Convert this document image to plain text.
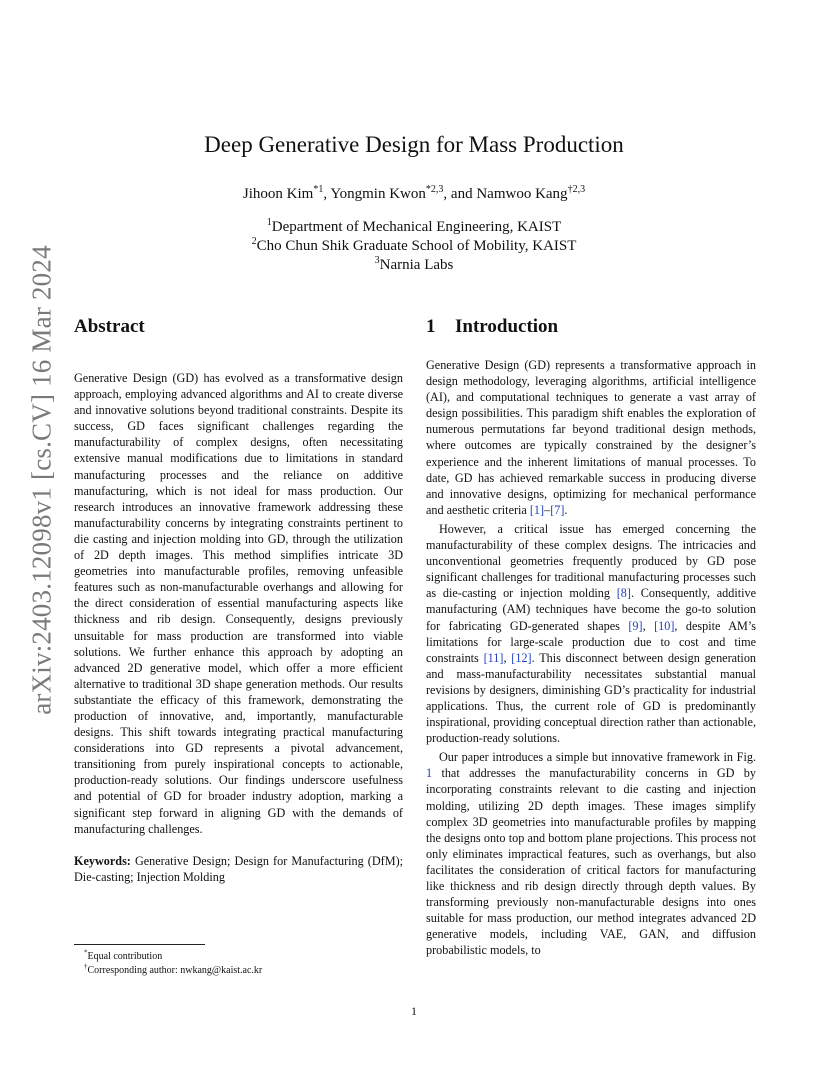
arXiv:2403.12098v1 [cs.CV] 16 Mar 2024
Deep Generative Design for Mass Production
Jihoon Kim$^{*1}$, Yongmin Kwon$^{*2,3}$, and Namwoo Kang$^{\dagger 2,3}$
$^1$Department of Mechanical Engineering, KAIST
$^2$Cho Chun Shik Graduate School of Mobility, KAIST
$^3$Narnia Labs
Abstract

Generative Design (GD) has evolved as a transformative design approach, employing advanced algorithms and AI to create diverse and innovative solutions beyond traditional constraints. Despite its success, GD faces significant challenges regarding the manufacturability of complex designs, often necessitating extensive manual modifications due to limitations in standard manufacturing processes and the reliance on additive manufacturing, which is not ideal for mass production. Our research introduces an innovative framework addressing these manufacturability concerns by integrating constraints pertinent to die casting and injection molding into GD, through the utilization of 2D depth images. This method simplifies intricate 3D geometries into manufacturable profiles, removing unfeasible features such as non-manufacturable overhangs and allowing for the direct consideration of essential manufacturing aspects like thickness and rib design. Consequently, designs previously unsuitable for mass production are transformed into viable solutions. We further enhance this approach by adopting an advanced 2D generative model, which offer a more efficient alternative to traditional 3D shape generation methods. Our results substantiate the efficacy of this framework, demonstrating the production of innovative, and, importantly, manufacturable designs. This shift towards integrating practical manufacturing considerations into GD represents a pivotal advancement, transitioning from purely inspirational concepts to actionable, production-ready solutions. Our findings underscore usefulness and potential of GD for broader industry adoption, marking a significant step forward in aligning GD with the demands of manufacturing challenges.

Keywords: Generative Design; Design for Manufacturing (DfM); Die-casting; Injection Molding

1 Introduction

Generative Design (GD) represents a transformative approach in design methodology, leveraging algorithms, artificial intelligence (AI), and computational techniques to generate a vast array of design possibilities. This paradigm shift enables the exploration of numerous permutations far beyond traditional design methods, where outcomes are typically constrained by the designer’s experience and the inherent limitations of manual processes. To date, GD has achieved remarkable success in producing diverse and innovative designs, optimizing for mechanical performance and aesthetic criteria [1]–[7].

However, a critical issue has emerged concerning the manufacturability of these complex designs. The intricacies and unconventional geometries frequently produced by GD pose significant challenges for traditional manufacturing processes such as die-casting or injection molding [8]. Consequently, additive manufacturing (AM) techniques have become the go-to solution for fabricating GD-generated shapes [9], [10], despite AM’s limitations for large-scale production due to cost and time constraints [11], [12]. This disconnect between design generation and mass-manufacturability necessitates substantial manual revisions by designers, diminishing GD’s practicality for industrial applications. Thus, the current role of GD is predominantly inspirational, providing conceptual direction rather than actionable, production-ready solutions.

Our paper introduces a simple but innovative framework in Fig. 1 that addresses the manufacturability concerns in GD by incorporating constraints relevant to die casting and injection molding, utilizing 2D depth images. These images simplify complex 3D geometries into manufacturable profiles by mapping the designs onto top and bottom plane projections. This process not only eliminates impractical features, such as overhangs, but also facilitates the consideration of critical factors for manufacturing like thickness and rib design directly through depth values. By transforming previously non-manufacturable designs into ones suitable for mass production, our method integrates advanced 2D generative models, including VAE, GAN, and diffusion probabilistic models, to

*Equal contribution
†Corresponding author: nwkang@kaist.ac.kr
1
